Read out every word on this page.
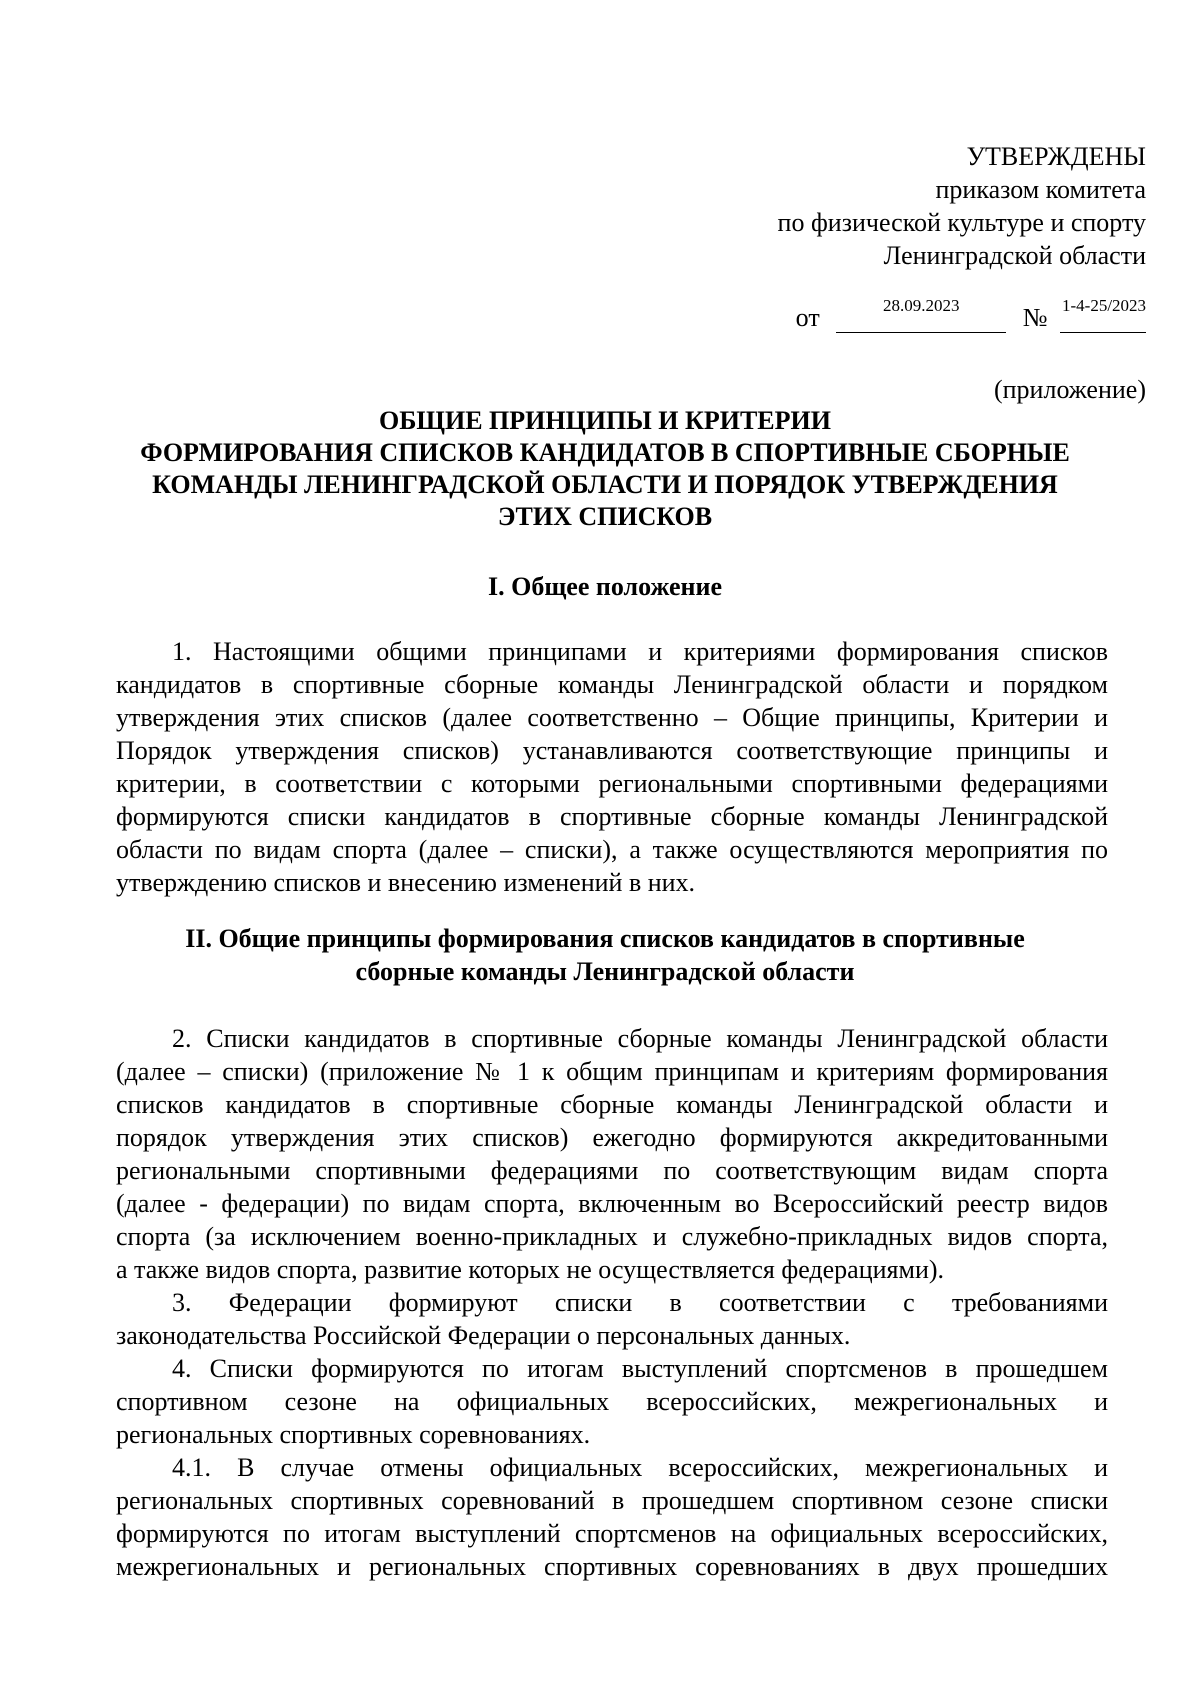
УТВЕРЖДЕНЫ
приказом комитета
по физической культуре и спорту
Ленинградской области
от	28.09.2023	№ 1-4-25/2023
(приложение)
ОБЩИЕ ПРИНЦИПЫ И КРИТЕРИИ
ФОРМИРОВАНИЯ СПИСКОВ КАНДИДАТОВ В СПОРТИВНЫЕ СБОРНЫЕ
КОМАНДЫ ЛЕНИНГРАДСКОЙ ОБЛАСТИ И ПОРЯДОК УТВЕРЖДЕНИЯ
ЭТИХ СПИСКОВ
I. Общее положение
1. Настоящими общими принципами и критериями формирования списков
кандидатов в спортивные сборные команды Ленинградской области и порядком
утверждения этих списков (далее соответственно – Общие принципы, Критерии и
Порядок утверждения списков) устанавливаются соответствующие принципы и
критерии, в соответствии с которыми региональными спортивными федерациями
формируются списки кандидатов в спортивные сборные команды Ленинградской
области по видам спорта (далее – списки), а также осуществляются мероприятия по
утверждению списков и внесению изменений в них.
II. Общие принципы формирования списков кандидатов в спортивные
сборные команды Ленинградской области
2. Списки кандидатов в спортивные сборные команды Ленинградской области
(далее – списки) (приложение № 1 к общим принципам и критериям формирования
списков кандидатов в спортивные сборные команды Ленинградской области и
порядок утверждения этих списков) ежегодно формируются аккредитованными
региональными спортивными федерациями по соответствующим видам спорта
(далее - федерации) по видам спорта, включенным во Всероссийский реестр видов
спорта (за исключением военно-прикладных и служебно-прикладных видов спорта,
а также видов спорта, развитие которых не осуществляется федерациями).
3. Федерации формируют списки в соответствии с требованиями
законодательства Российской Федерации о персональных данных.
4. Списки формируются по итогам выступлений спортсменов в прошедшем
спортивном сезоне на официальных всероссийских, межрегиональных и
региональных спортивных соревнованиях.
4.1. В случае отмены официальных всероссийских, межрегиональных и
региональных спортивных соревнований в прошедшем спортивном сезоне списки
формируются по итогам выступлений спортсменов на официальных всероссийских,
межрегиональных и региональных спортивных соревнованиях в двух прошедших
